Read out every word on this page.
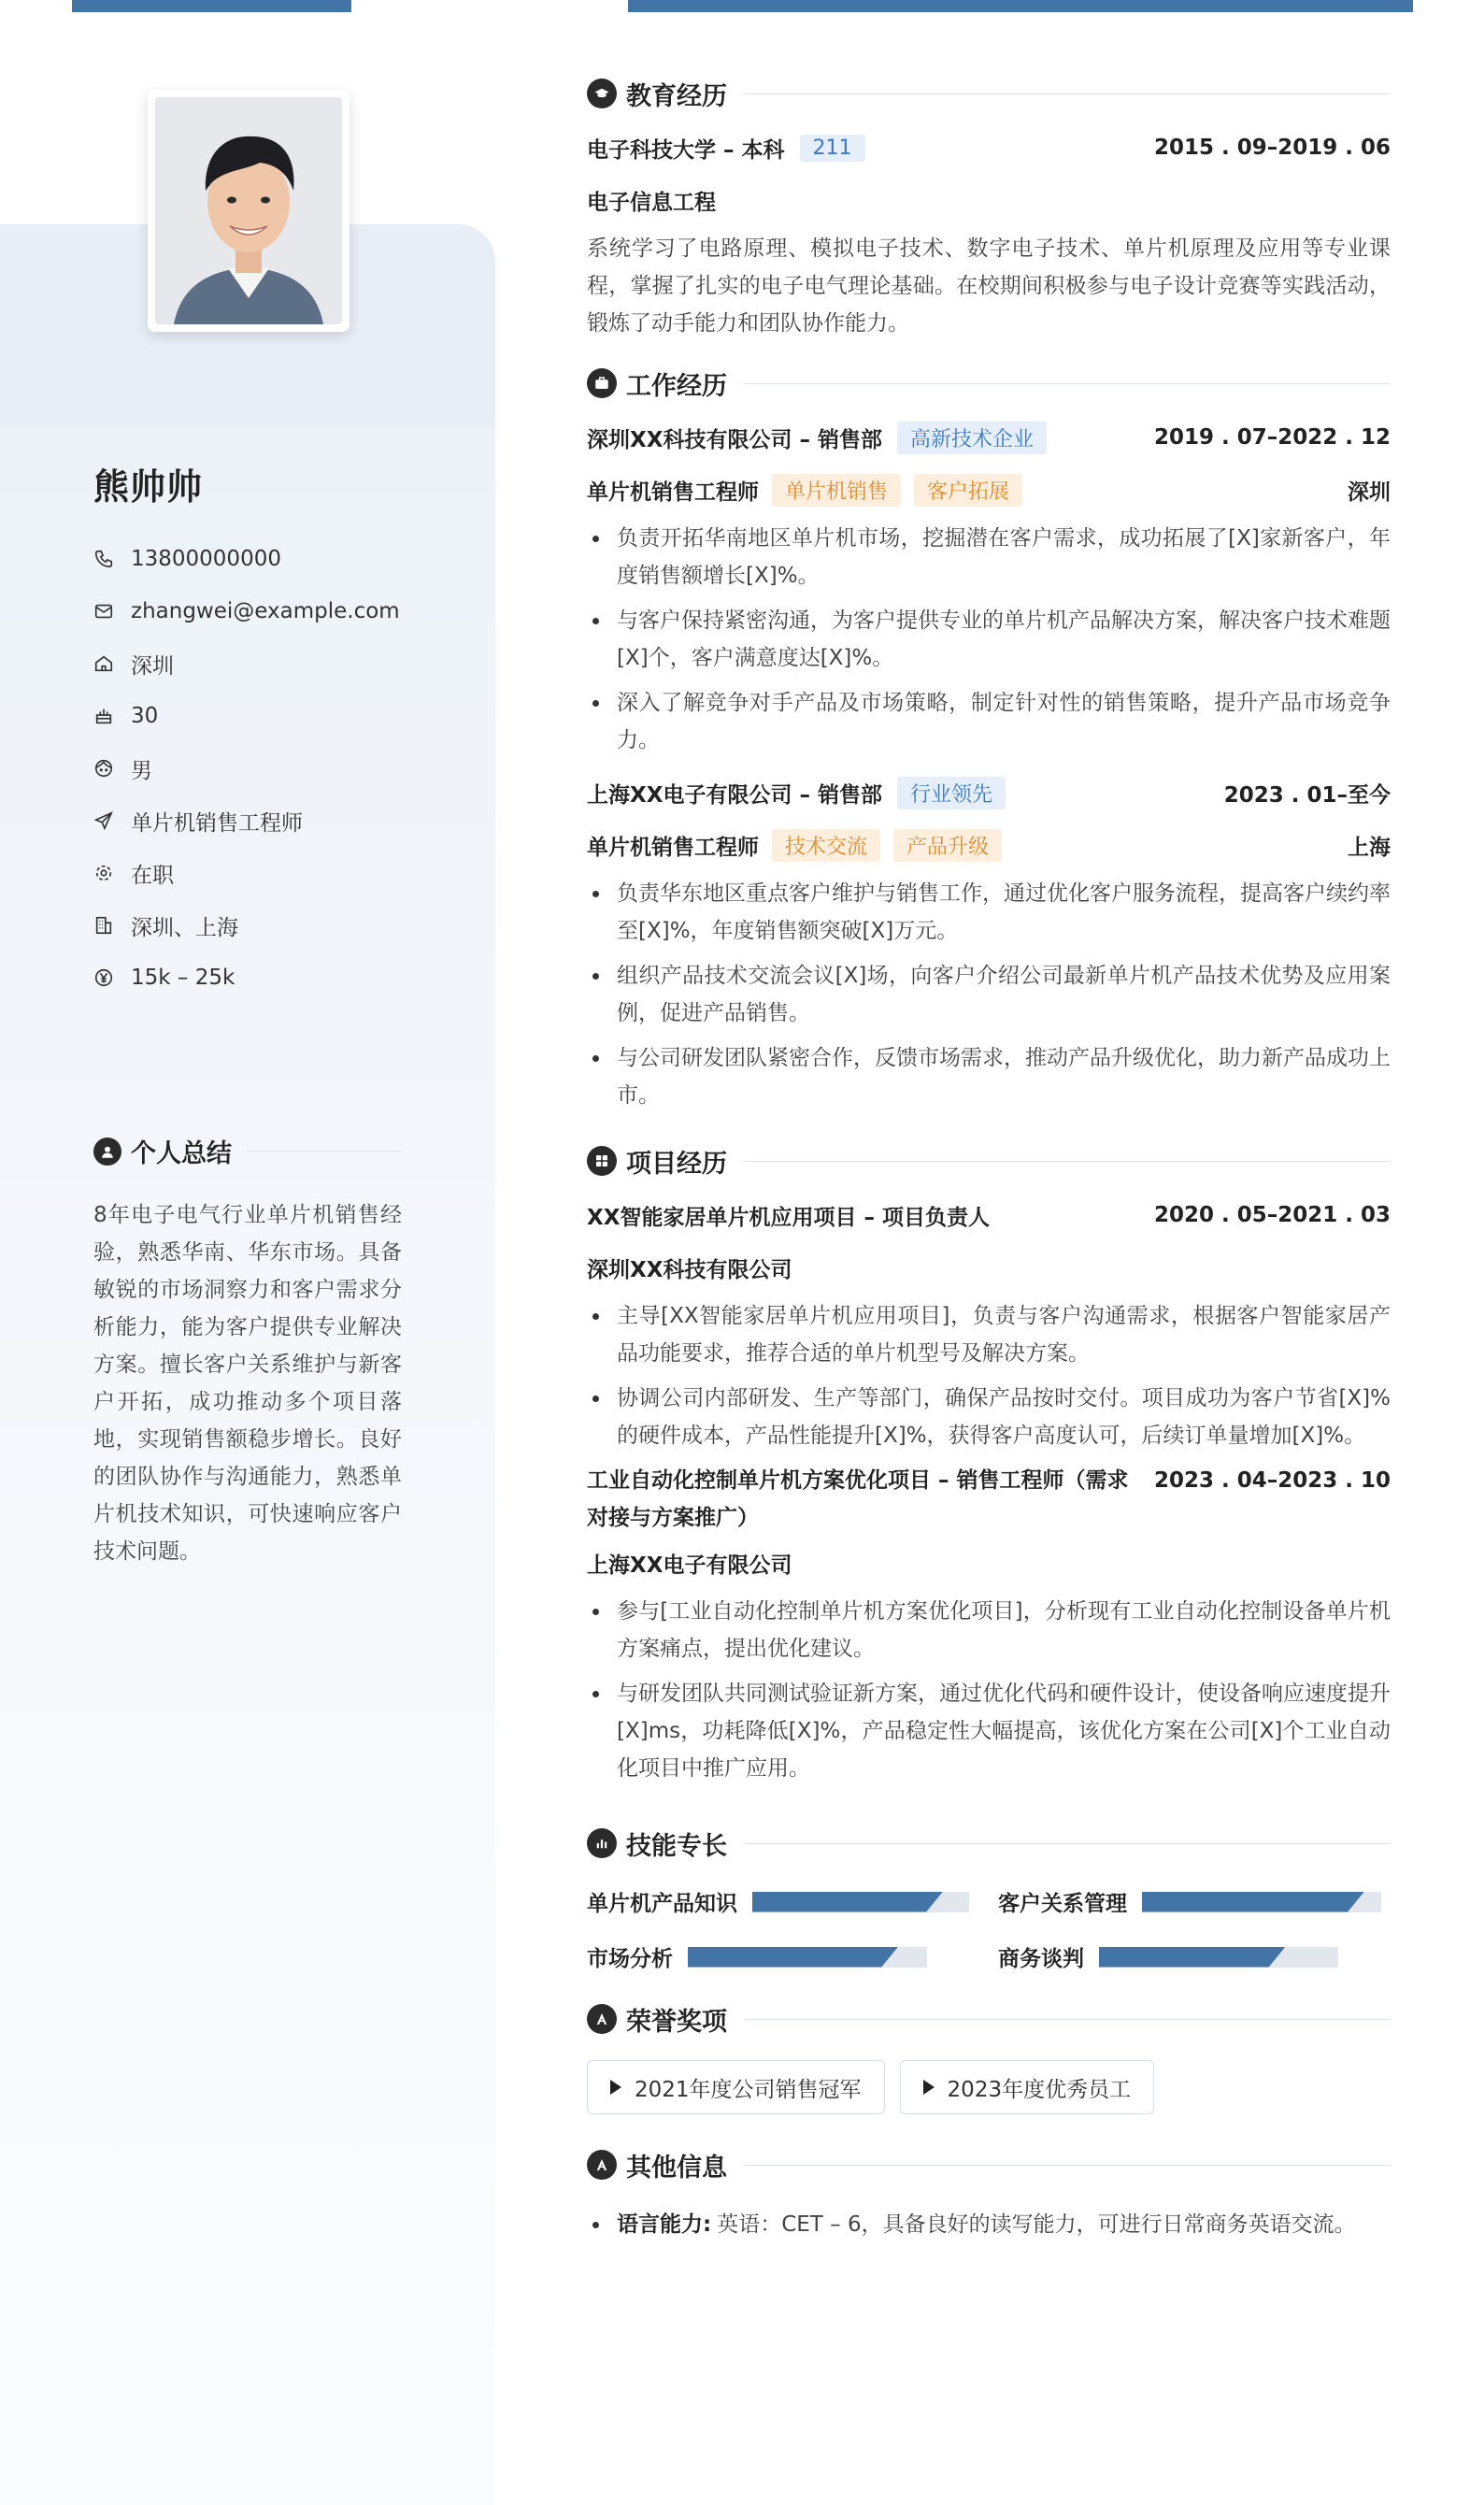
熊帅帅
13800000000
zhangwei@example.com
深圳
30
男
单片机销售工程师
在职
深圳、上海
15k – 25k
个人总结
8年电子电气行业单片机销售经验，熟悉华南、华东市场。具备敏锐的市场洞察力和客户需求分析能力，能为客户提供专业解决方案。擅长客户关系维护与新客户开拓，成功推动多个项目落地，实现销售额稳步增长。良好的团队协作与沟通能力，熟悉单片机技术知识，可快速响应客户技术问题。
教育经历
电子科技大学 – 本科	211	2015 . 09–2019 . 06
电子信息工程

系统学习了电路原理、模拟电子技术、数字电子技术、单片机原理及应用等专业课程，掌握了扎实的电子电气理论基础。在校期间积极参与电子设计竞赛等实践活动，锻炼了动手能力和团队协作能力。

工作经历
深圳XX科技有限公司 – 销售部	高新技术企业	2019 . 07–2022 . 12
单片机销售工程师	单片机销售	客户拓展	深圳
负责开拓华南地区单片机市场，挖掘潜在客户需求，成功拓展了[X]家新客户，年度销售额增长[X]%。
与客户保持紧密沟通，为客户提供专业的单片机产品解决方案，解决客户技术难题[X]个，客户满意度达[X]%。
深入了解竞争对手产品及市场策略，制定针对性的销售策略，提升产品市场竞争力。
上海XX电子有限公司 – 销售部	行业领先	2023 . 01–至今
单片机销售工程师	技术交流	产品升级	上海
负责华东地区重点客户维护与销售工作，通过优化客户服务流程，提高客户续约率至[X]%，年度销售额突破[X]万元。
组织产品技术交流会议[X]场，向客户介绍公司最新单片机产品技术优势及应用案例，促进产品销售。
与公司研发团队紧密合作，反馈市场需求，推动产品升级优化，助力新产品成功上市。
项目经历
XX智能家居单片机应用项目 – 项目负责人	2020 . 05–2021 . 03
深圳XX科技有限公司
主导[XX智能家居单片机应用项目]，负责与客户沟通需求，根据客户智能家居产品功能要求，推荐合适的单片机型号及解决方案。
协调公司内部研发、生产等部门，确保产品按时交付。项目成功为客户节省[X]%的硬件成本，产品性能提升[X]%，获得客户高度认可，后续订单量增加[X]%。
工业自动化控制单片机方案优化项目 – 销售工程师（需求对接与方案推广）
2023 . 04–2023 . 10
上海XX电子有限公司
参与[工业自动化控制单片机方案优化项目]，分析现有工业自动化控制设备单片机方案痛点，提出优化建议。
与研发团队共同测试验证新方案，通过优化代码和硬件设计，使设备响应速度提升[X]ms，功耗降低[X]%，产品稳定性大幅提高，该优化方案在公司[X]个工业自动化项目中推广应用。
技能专长
单片机产品知识	客户关系管理
市场分析	商务谈判
荣誉奖项
2021年度公司销售冠军	2023年度优秀员工
其他信息
语言能力: 英语：CET – 6，具备良好的读写能力，可进行日常商务英语交流。
